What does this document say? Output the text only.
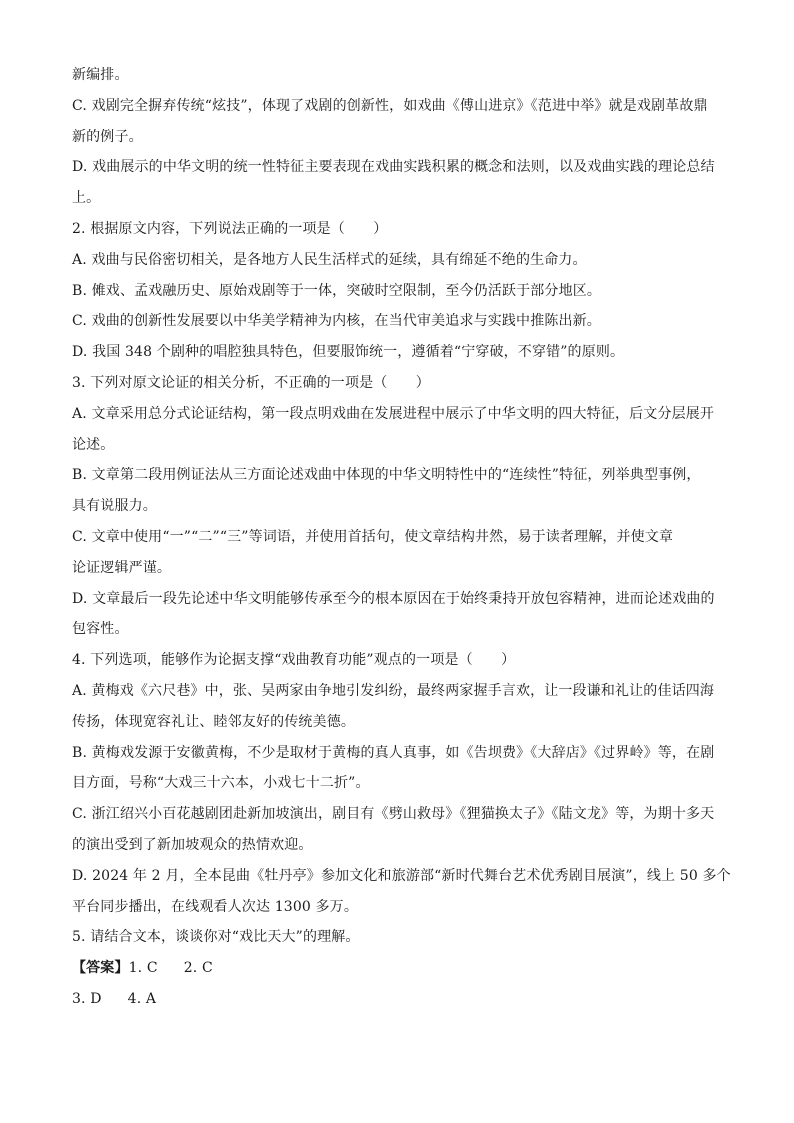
新编排。
C. 戏剧完全摒弃传统“炫技”，体现了戏剧的创新性，如戏曲《傅山进京》《范进中举》就是戏剧革故鼎
新的例子。
D. 戏曲展示的中华文明的统一性特征主要表现在戏曲实践积累的概念和法则，以及戏曲实践的理论总结
上。
2. 根据原文内容，下列说法正确的一项是（　　）
A. 戏曲与民俗密切相关，是各地方人民生活样式的延续，具有绵延不绝的生命力。
B. 傩戏、孟戏融历史、原始戏剧等于一体，突破时空限制，至今仍活跃于部分地区。
C. 戏曲的创新性发展要以中华美学精神为内核，在当代审美追求与实践中推陈出新。
D. 我国 348 个剧种的唱腔独具特色，但要服饰统一，遵循着“宁穿破，不穿错”的原则。
3. 下列对原文论证的相关分析，不正确的一项是（　　）
A. 文章采用总分式论证结构，第一段点明戏曲在发展进程中展示了中华文明的四大特征，后文分层展开
论述。
B. 文章第二段用例证法从三方面论述戏曲中体现的中华文明特性中的“连续性”特征，列举典型事例，
具有说服力。
C. 文章中使用“一”“二”“三”等词语，并使用首括句，使文章结构井然，易于读者理解，并使文章
论证逻辑严谨。
D. 文章最后一段先论述中华文明能够传承至今的根本原因在于始终秉持开放包容精神，进而论述戏曲的
包容性。
4. 下列选项，能够作为论据支撑“戏曲教育功能”观点的一项是（　　）
A. 黄梅戏《六尺巷》中，张、吴两家由争地引发纠纷，最终两家握手言欢，让一段谦和礼让的佳话四海
传扬，体现宽容礼让、睦邻友好的传统美德。
B. 黄梅戏发源于安徽黄梅，不少是取材于黄梅的真人真事，如《告坝费》《大辞店》《过界岭》等，在剧
目方面，号称“大戏三十六本，小戏七十二折”。
C. 浙江绍兴小百花越剧团赴新加坡演出，剧目有《劈山救母》《狸猫换太子》《陆文龙》等，为期十多天
的演出受到了新加坡观众的热情欢迎。
D. 2024 年 2 月，全本昆曲《牡丹亭》参加文化和旅游部“新时代舞台艺术优秀剧目展演”，线上 50 多个
平台同步播出，在线观看人次达 1300 多万。
5. 请结合文本，谈谈你对“戏比天大”的理解。
【答案】1. C 2. C
3. D 4. A
